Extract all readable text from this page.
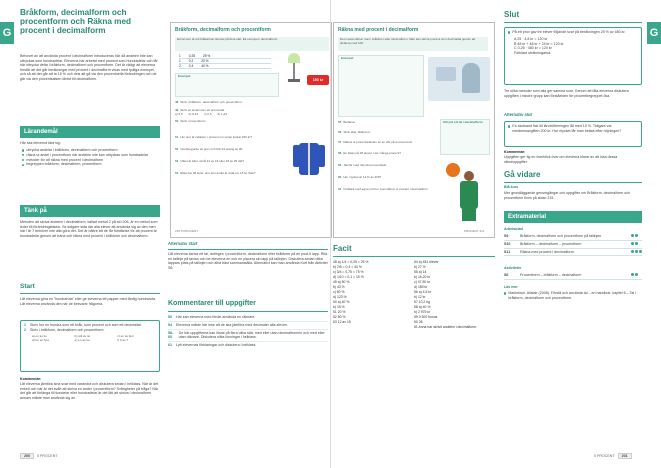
G
Bråkform, decimalform och procentform och Räkna med procent i decimalform
Behovet av att använda procent i decimalform introduceras här då andelen inte kan uttryckas som hundradelar. Eleverna har arbetat med procent som hundradelar och får här uttrycka detta i bråkform, decimalform och procentform. Det är viktigt att eleverna förstår att det går beräkningar med procent i decimalform visas med tydliga exempel, och så att det går att ta 15 % och dels att gå via den procentuella förändringen och de går via den procentsatsen direkt till decimalform.
Lärandemål
Här ska eleverna lära sig:
uttrycka andelar i bråkform, decimalform och procentform
räkna ut andel i procentform när andelen inte kan uttryckas som hundradelar
metoder för att räkna med procent i decimalform
begreppen bråkform, decimalform, procentform
Tänk på
Metoden att skriva andelen i decimalform, kallad metod 2 på sid 206, är en metod som leder till förändringsfaktor. Se tidigare sida där alla elever att använda sig av den men här i år 7 behöver inte alla göra det. Det är bättre att de får förståelse för att procent är hundradelar genom att träna och räkna med procent i bråkform och decimalform.
Start
Låt eleverna göra en "hundraruta" eller ge eleverna ett papper med färdig hundraruta. Låt eleverna använda den när de besvarar frågorna.
1 Skriv hur en hundra som ett bråk, som procent och som ett decimaltal.
2 Skriv i bråkform, decimalform och procentform.
a) en av tio	b) två av tio	c) en av fem
d) tre av fyra	e) en av tre	f) 2 av 7
Kommentar:
Låt eleverna jämföra sina svar med varandra och diskutera sedan i helklass. När är det enkelt och när är det svårt att skriva en andel i procentform? Svårigheter på fråga? När det går att förlänga till tiondelar eller hundradelar är det lätt att skriva i decimalform annars måste man använda sig av.
200	5 PROCENT
Bråkform, decimalform och procentform
Ett tal som är ett bråktal kan skrivas på flera sätt. Ett exempel i decimalform.
1	0,25	25 %
1	0,2	20 %
2	0,4	40 %
150 kr
Exempel
48 Skriv i bråkform, decimalform och procentform.
49 Skriv en andel som ett procenttal.
a) 0,5 b) 0,43 c) 0,6 d) 1,23
50 Skriv i procentform.
51 Hur stor är rabatten i procent om varan kostar 150 kr?
52 Gunilla gjorde ett prov och fick 24 poäng av 30.
53 Vilket är bäst, att få 12 av 15 eller 18 av 25 rätt?
54 Elias har 48 kulor. Hur stor andel är röda om 15 är röda?
210 5 PROCENT
Räkna med procent i decimalform
Det mesta räknar man i bråkform eller decimalform. Man kan skriva procent som decimaltal genom att dividera med 100.
Exempel
55 Beräkna
56 Skriv eller. Räkna ut.
57 Räkna ut procentandelen av en vikt på en bal ett tal.
58 En klass på 28 elever. Hur många procent?
59 Jämför med uttryckt procentsats.
60 Hur mycket är 14 % av 200?
61 Förklara med egna ord hur man räknar ut procent i decimalform.
Uttryck ett tal i decimalform
PROCENT 211
Alternativ start
Låt eleverna skriva ett tal, antingen i procentform, decimalform eller bråkform på en post-it lapp. Rita en tallinje på tavlan och be eleverna en och en placera sin lapp på tallinjen. Diskutera sedan olika lappars plats på tallinjen och allra bäst sammanställa. Alternativt kan man använda Kort från Aktivitet S6.
Kommentarer till uppgifter
50 Här kan eleverna med fördel använda en räknare.
54 Eleverna måste här inse att de ska jämföra med decimaler alla eleven.
58–60
De här uppgifterna kan lösas på flera olika sätt, med eller utan decimalformen och med eller utan räknare. Diskutera olika lösningar i helklass.
61 Lyft elevernas förklaringar och diskutera i helklass.
Facit
48 a) 1/4 = 0,25 = 25 %
b) 2/5 = 0,4 = 40 %
c) 3/4 = 0,75 = 75 %
d) 1/10 = 0,1 = 10 %
49 a) 50 %
b) 43 %
c) 60 %
d) 123 %
50 a) 40 %
b) 15 %
51 20 %
52 80 %
53 12 av 15
54 a) 451 elever
b) 27 %
55 a) 14
b) 16,20 kr
c) 47,50 kr
d) 180 kr
56 a) 4,5 kr
b) 12 kr
57 10,2 kg
58 a) 40 %
b) 2 975 kr
59 3 300 bonus
60 28
61 Anna har skrivit andelen i decimalform.
G
Slut
På ett prov gav tre elever följande svar på beräkningen 25 % av 480 kr.
A 25 · 4,8 kr = 120 kr
B 48 kr + 48 kr + 24 kr = 120 kr
C 0,25 · 480 kr = 120 kr
Förklara uträkningarna.
Tre olika metoder som alla ger samma svar. Genom att låta eleverna diskutera uppgiften i mindre grupp kan förståelsen för procentbegreppet öka.
Alternativ slut
En skolsamt fick till lärotröfreningen låt med 15 %. Tidigare var medlemsavgiften 200 kr. Hur mycket får man betala efter höjningen?
Kommentar:
Uppgiften ger fig en överblick över om eleverna klarar av att lösa dessa räkneuppgifter.
Gå vidare
Blå kurs
Mer grundläggande genomgångar och uppgifter om Bråkform, decimalform och procentform finns på sidan 215.
Extramaterial
Arbetsblad
S9	Bråkform, decimalform och procentform på tallinjen
S10	Bråkform – decimalform – procentform
S11	Räkna med procent i decimalform
Aktiviteter
S6	Procentform – bråkform – decimalform
Läs mer
MacIntosh, Alistair (2008). Förstå och använda tal – en handbok. kapitel 6 – Tal i bråkform, decimalform och procentform.
5 PROCENT	201
